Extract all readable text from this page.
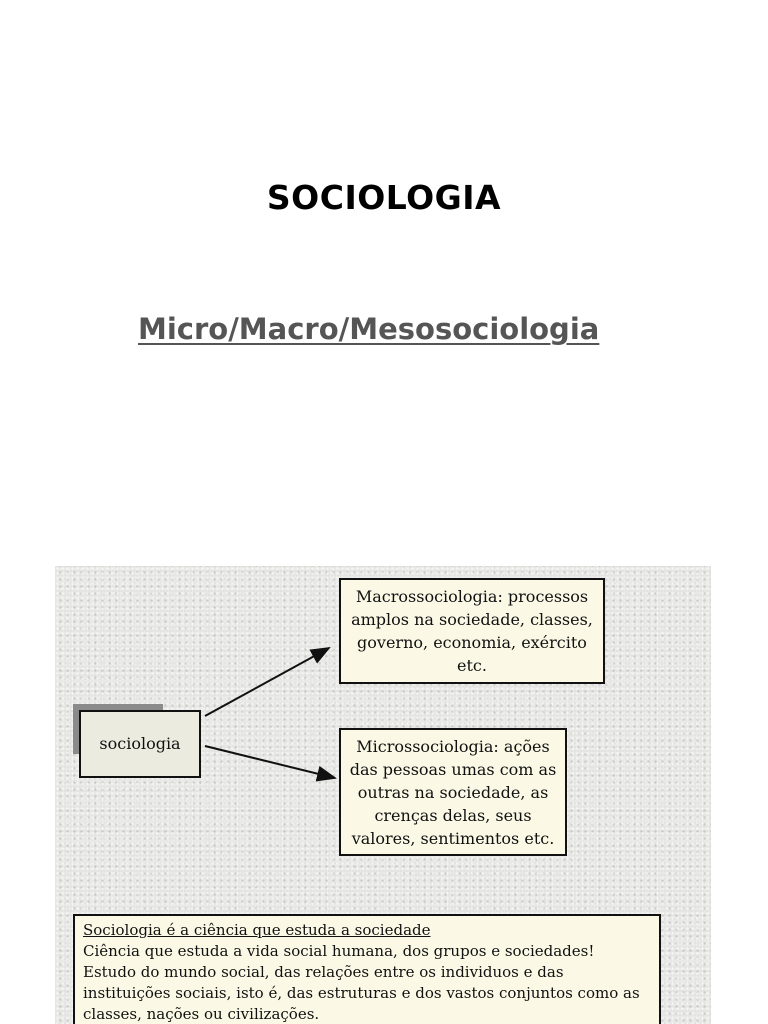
SOCIOLOGIA
Micro/Macro/Mesosociologia
sociologia
Macrossociologia: processos
amplos na sociedade, classes,
governo, economia, exército
etc.
Microssociologia: ações
das pessoas umas com as
outras na sociedade, as
crenças delas, seus
valores, sentimentos etc.
Sociologia é a ciência que estuda a sociedade
Ciência que estuda a vida social humana, dos grupos e sociedades!
Estudo do mundo social, das relações entre os individuos e das
instituições sociais, isto é, das estruturas e dos vastos conjuntos como as
classes, nações ou civilizações.
